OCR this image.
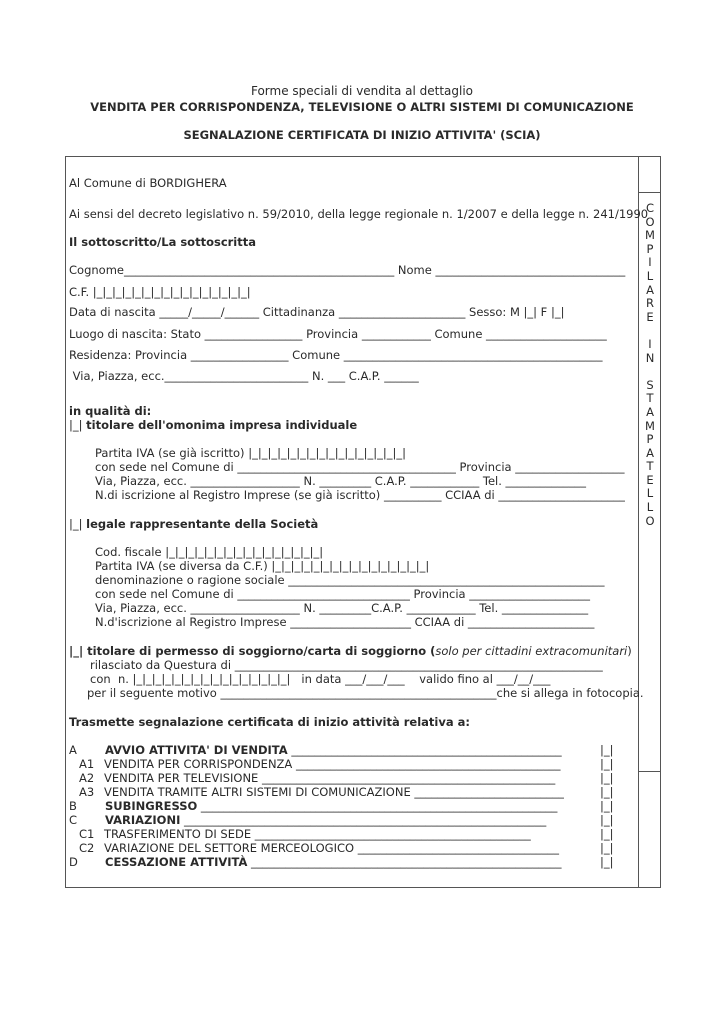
Forme speciali di vendita al dettaglio
VENDITA PER CORRISPONDENZA, TELEVISIONE O ALTRI SISTEMI DI COMUNICAZIONE
SEGNALAZIONE CERTIFICATA DI INIZIO ATTIVITA' (SCIA)
C
O
M
P
I
L
A
R
E

I
N

S
T
A
M
P
A
T
E
L
L
O
Al Comune di BORDIGHERA
Ai sensi del decreto legislativo n. 59/2010, della legge regionale n. 1/2007 e della legge n. 241/1990
Il sottoscritto/La sottoscritta
Cognome_______________________________________________ Nome _________________________________
C.F. |_|_|_|_|_|_|_|_|_|_|_|_|_|_|_|_|
Data di nascita _____/_____/______ Cittadinanza ______________________ Sesso: M |_| F |_|
Luogo di nascita: Stato _________________ Provincia ____________ Comune _____________________
Residenza: Provincia _________________ Comune _____________________________________________
Via, Piazza, ecc._________________________ N. ___ C.A.P. ______
in qualità di:
|_| titolare dell'omonima impresa individuale
Partita IVA (se già iscritto) |_|_|_|_|_|_|_|_|_|_|_|_|_|_|_|_|
con sede nel Comune di ______________________________________ Provincia ___________________
Via, Piazza, ecc. ___________________ N. _________ C.A.P. ____________ Tel. ______________
N.di iscrizione al Registro Imprese (se già iscritto) __________ CCIAA di ______________________
|_| legale rappresentante della Società
Cod. fiscale |_|_|_|_|_|_|_|_|_|_|_|_|_|_|_|_|
Partita IVA (se diversa da C.F.) |_|_|_|_|_|_|_|_|_|_|_|_|_|_|_|_|
denominazione o ragione sociale _______________________________________________________
con sede nel Comune di ______________________________ Provincia _____________________
Via, Piazza, ecc. ___________________ N. _________C.A.P. ____________ Tel. _______________
N.d'iscrizione al Registro Imprese _____________________ CCIAA di ______________________
|_| titolare di permesso di soggiorno/carta di soggiorno (solo per cittadini extracomunitari)
rilasciato da Questura di ________________________________________________________________
con  n. |_|_|_|_|_|_|_|_|_|_|_|_|_|_|_|_|   in data ___/___/___    valido fino al ___/__/___
per il seguente motivo ________________________________________________che si allega in fotocopia.
Trasmette segnalazione certificata di inizio attività relativa a:
A AVVIO ATTIVITA' DI VENDITA _______________________________________________	|_|
A1 VENDITA PER CORRISPONDENZA ______________________________________________	|_|
A2 VENDITA PER TELEVISIONE ___________________________________________________	|_|
A3 VENDITA TRAMITE ALTRI SISTEMI DI COMUNICAZIONE __________________________	|_|
B SUBINGRESSO ______________________________________________________________	|_|
C VARIAZIONI _______________________________________________________________	|_|
C1 TRASFERIMENTO DI SEDE ________________________________________________	|_|
C2 VARIAZIONE DEL SETTORE MERCEOLOGICO ___________________________________	|_|
D CESSAZIONE ATTIVITÀ ______________________________________________________	|_|
